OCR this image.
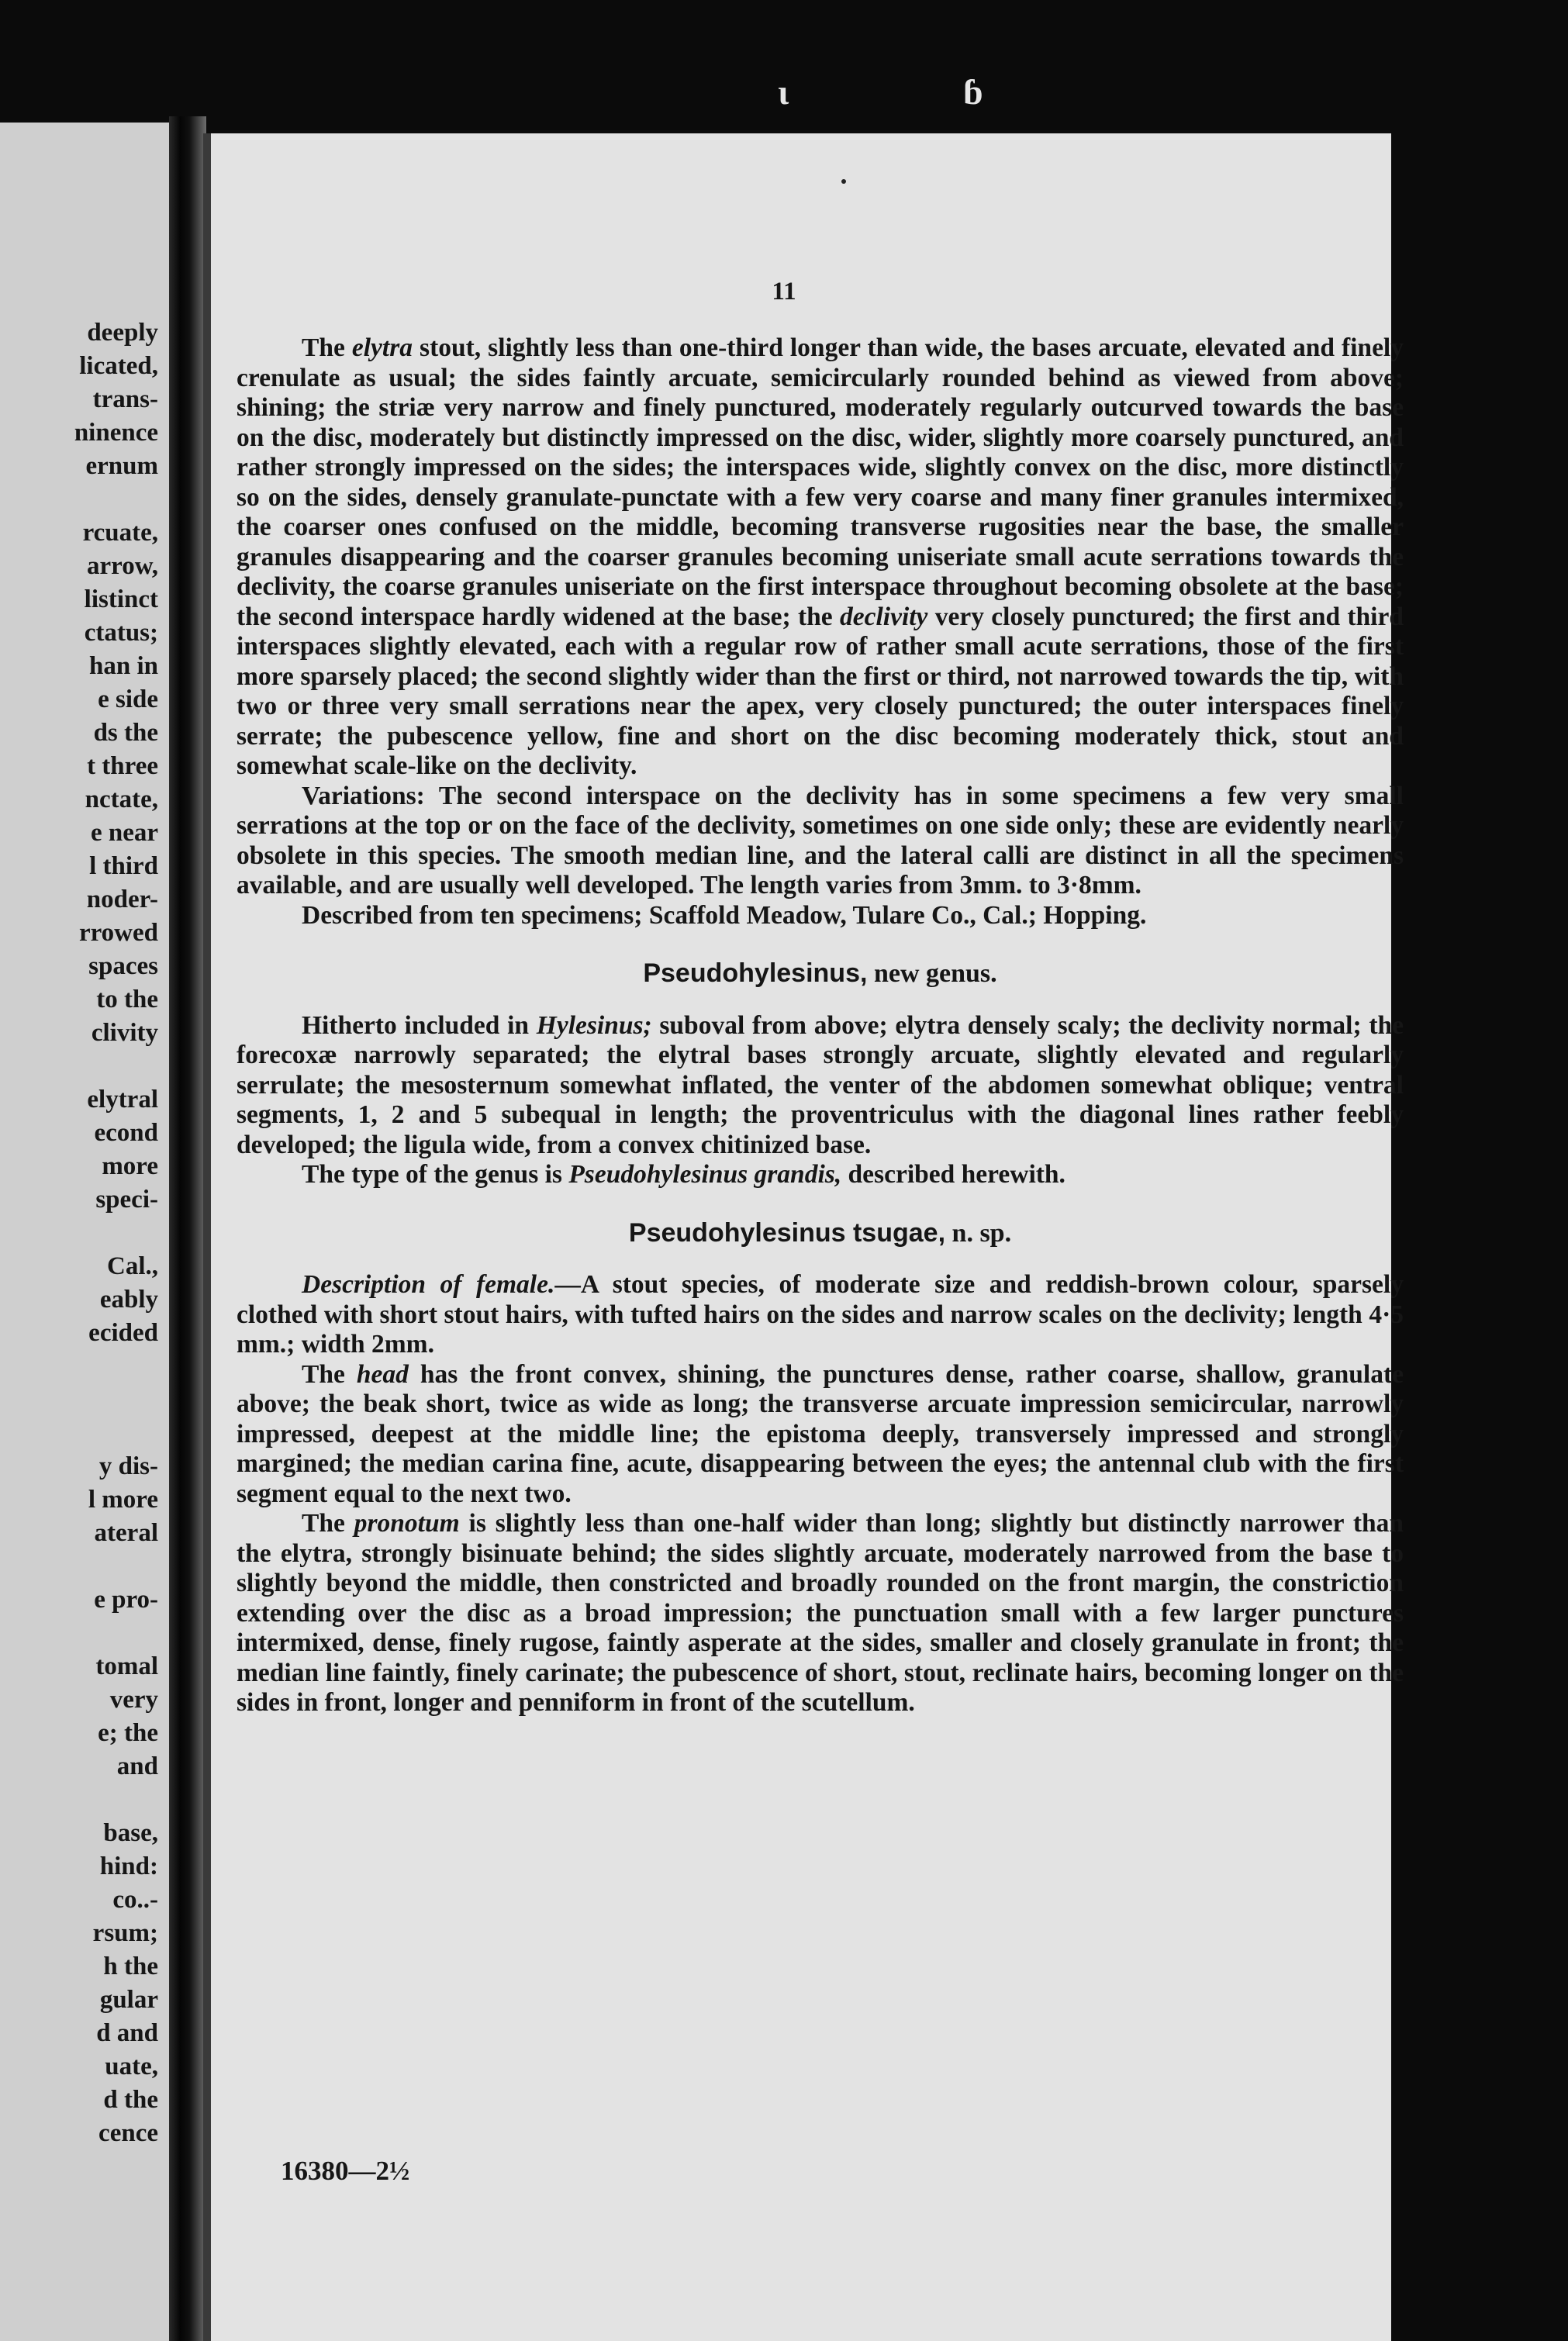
deeply
licated,
trans-
ninence
ernum
rcuate,
arrow,
listinct
ctatus;
han in
e side
ds the
t three
nctate,
e near
l third
noder-
rrowed
spaces
to the
clivity
elytral
econd
more
speci-
Cal.,
eably
ecided
y dis-
l more
ateral
e pro-
tomal
very
e; the
and
base,
hind:
co..-
rsum;
h the
gular
d and
uate,
d the
cence
ɩ	ɓ
11

The elytra stout, slightly less than one-third longer than wide, the bases arcuate, elevated and finely crenulate as usual; the sides faintly arcuate, semicircularly rounded behind as viewed from above; shining; the striæ very narrow and finely punctured, moderately regularly outcurved towards the base on the disc, moderately but distinctly impressed on the disc, wider, slightly more coarsely punctured, and rather strongly impressed on the sides; the interspaces wide, slightly convex on the disc, more distinctly so on the sides, densely granulate-punctate with a few very coarse and many finer granules intermixed, the coarser ones confused on the middle, becoming transverse rugosities near the base, the smaller granules disappearing and the coarser granules becoming uniseriate small acute serrations towards the declivity, the coarse granules uniseriate on the first interspace throughout becoming obsolete at the base; the second interspace hardly widened at the base; the declivity very closely punctured; the first and third interspaces slightly elevated, each with a regular row of rather small acute serrations, those of the first more sparsely placed; the second slightly wider than the first or third, not narrowed towards the tip, with two or three very small serrations near the apex, very closely punctured; the outer interspaces finely serrate; the pubescence yellow, fine and short on the disc becoming moderately thick, stout and somewhat scale-like on the declivity.

Variations: The second interspace on the declivity has in some specimens a few very small serrations at the top or on the face of the declivity, sometimes on one side only; these are evidently nearly obsolete in this species. The smooth median line, and the lateral calli are distinct in all the specimens available, and are usually well developed. The length varies from 3mm. to 3·8mm.

Described from ten specimens; Scaffold Meadow, Tulare Co., Cal.; Hopping.

Pseudohylesinus, new genus.

Hitherto included in Hylesinus; suboval from above; elytra densely scaly; the declivity normal; the forecoxæ narrowly separated; the elytral bases strongly arcuate, slightly elevated and regularly serrulate; the mesosternum somewhat inflated, the venter of the abdomen somewhat oblique; ventral segments, 1, 2 and 5 subequal in length; the proventriculus with the diagonal lines rather feebly developed; the ligula wide, from a convex chitinized base.

The type of the genus is Pseudohylesinus grandis, described herewith.

Pseudohylesinus tsugae, n. sp.

Description of female.—A stout species, of moderate size and reddish-brown colour, sparsely clothed with short stout hairs, with tufted hairs on the sides and narrow scales on the declivity; length 4·5 mm.; width 2mm.

The head has the front convex, shining, the punctures dense, rather coarse, shallow, granulate above; the beak short, twice as wide as long; the transverse arcuate impression semicircular, narrowly impressed, deepest at the middle line; the epistoma deeply, transversely impressed and strongly margined; the median carina fine, acute, disappearing between the eyes; the antennal club with the first segment equal to the next two.

The pronotum is slightly less than one-half wider than long; slightly but distinctly narrower than the elytra, strongly bisinuate behind; the sides slightly arcuate, moderately narrowed from the base to slightly beyond the middle, then constricted and broadly rounded on the front margin, the constriction extending over the disc as a broad impression; the punctuation small with a few larger punctures intermixed, dense, finely rugose, faintly asperate at the sides, smaller and closely granulate in front; the median line faintly, finely carinate; the pubescence of short, stout, reclinate hairs, becoming longer on the sides in front, longer and penniform in front of the scutellum.

16380—2½
